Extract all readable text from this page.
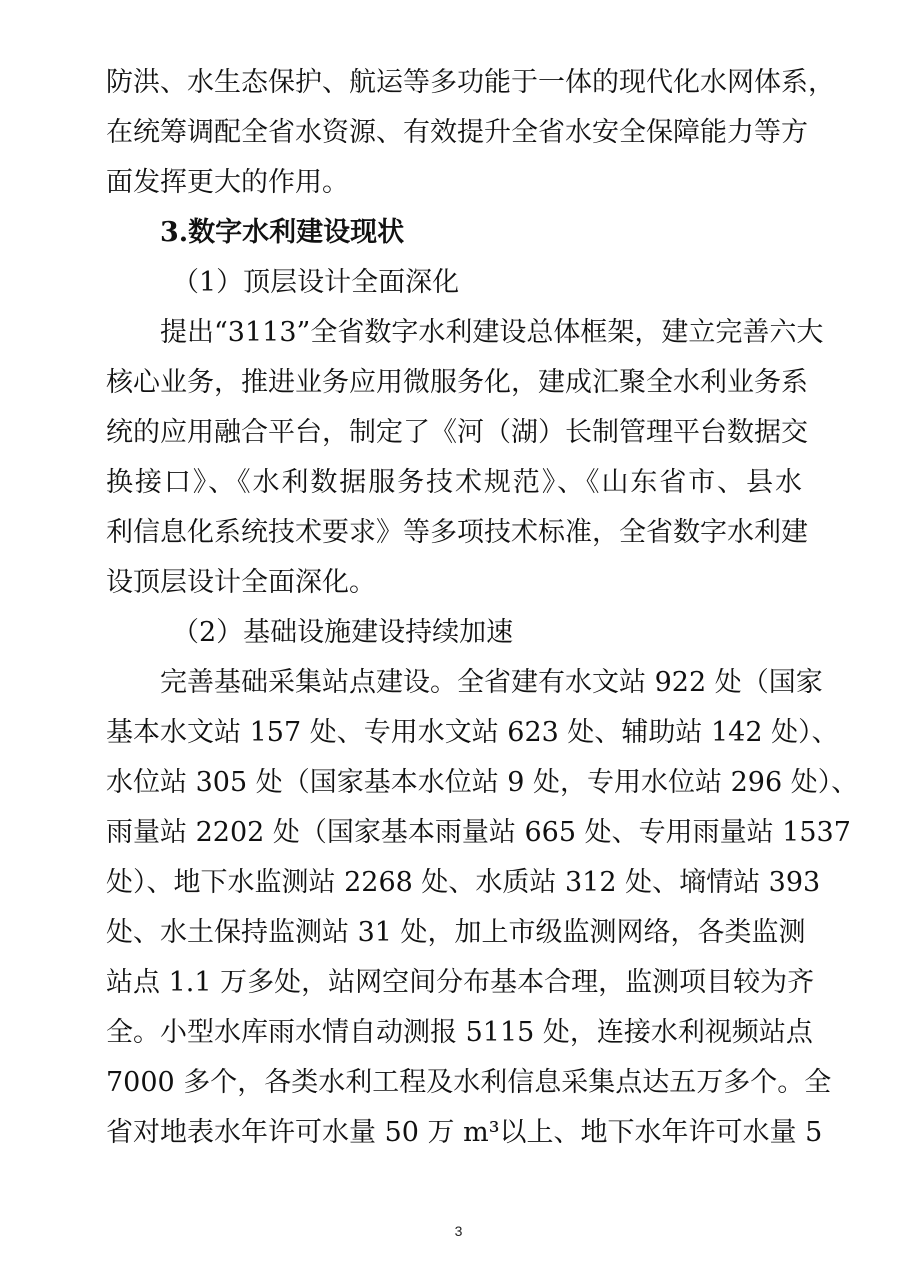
防洪、水生态保护、航运等多功能于一体的现代化水网体系，
在统筹调配全省水资源、有效提升全省水安全保障能力等方
面发挥更大的作用。
3.数字水利建设现状
（1）顶层设计全面深化
提出“3113”全省数字水利建设总体框架，建立完善六大
核心业务，推进业务应用微服务化，建成汇聚全水利业务系
统的应用融合平台，制定了《河（湖）长制管理平台数据交
换接口》、《水利数据服务技术规范》、《山东省市、县水
利信息化系统技术要求》等多项技术标准，全省数字水利建
设顶层设计全面深化。
（2）基础设施建设持续加速
完善基础采集站点建设。全省建有水文站 922 处（国家
基本水文站 157 处、专用水文站 623 处、辅助站 142 处）、
水位站 305 处（国家基本水位站 9 处，专用水位站 296 处）、
雨量站 2202 处（国家基本雨量站 665 处、专用雨量站 1537
处）、地下水监测站 2268 处、水质站 312 处、墒情站 393
处、水土保持监测站 31 处，加上市级监测网络，各类监测
站点 1.1 万多处，站网空间分布基本合理，监测项目较为齐
全。小型水库雨水情自动测报 5115 处，连接水利视频站点
7000 多个，各类水利工程及水利信息采集点达五万多个。全
省对地表水年许可水量 50 万 m³以上、地下水年许可水量 5
3
